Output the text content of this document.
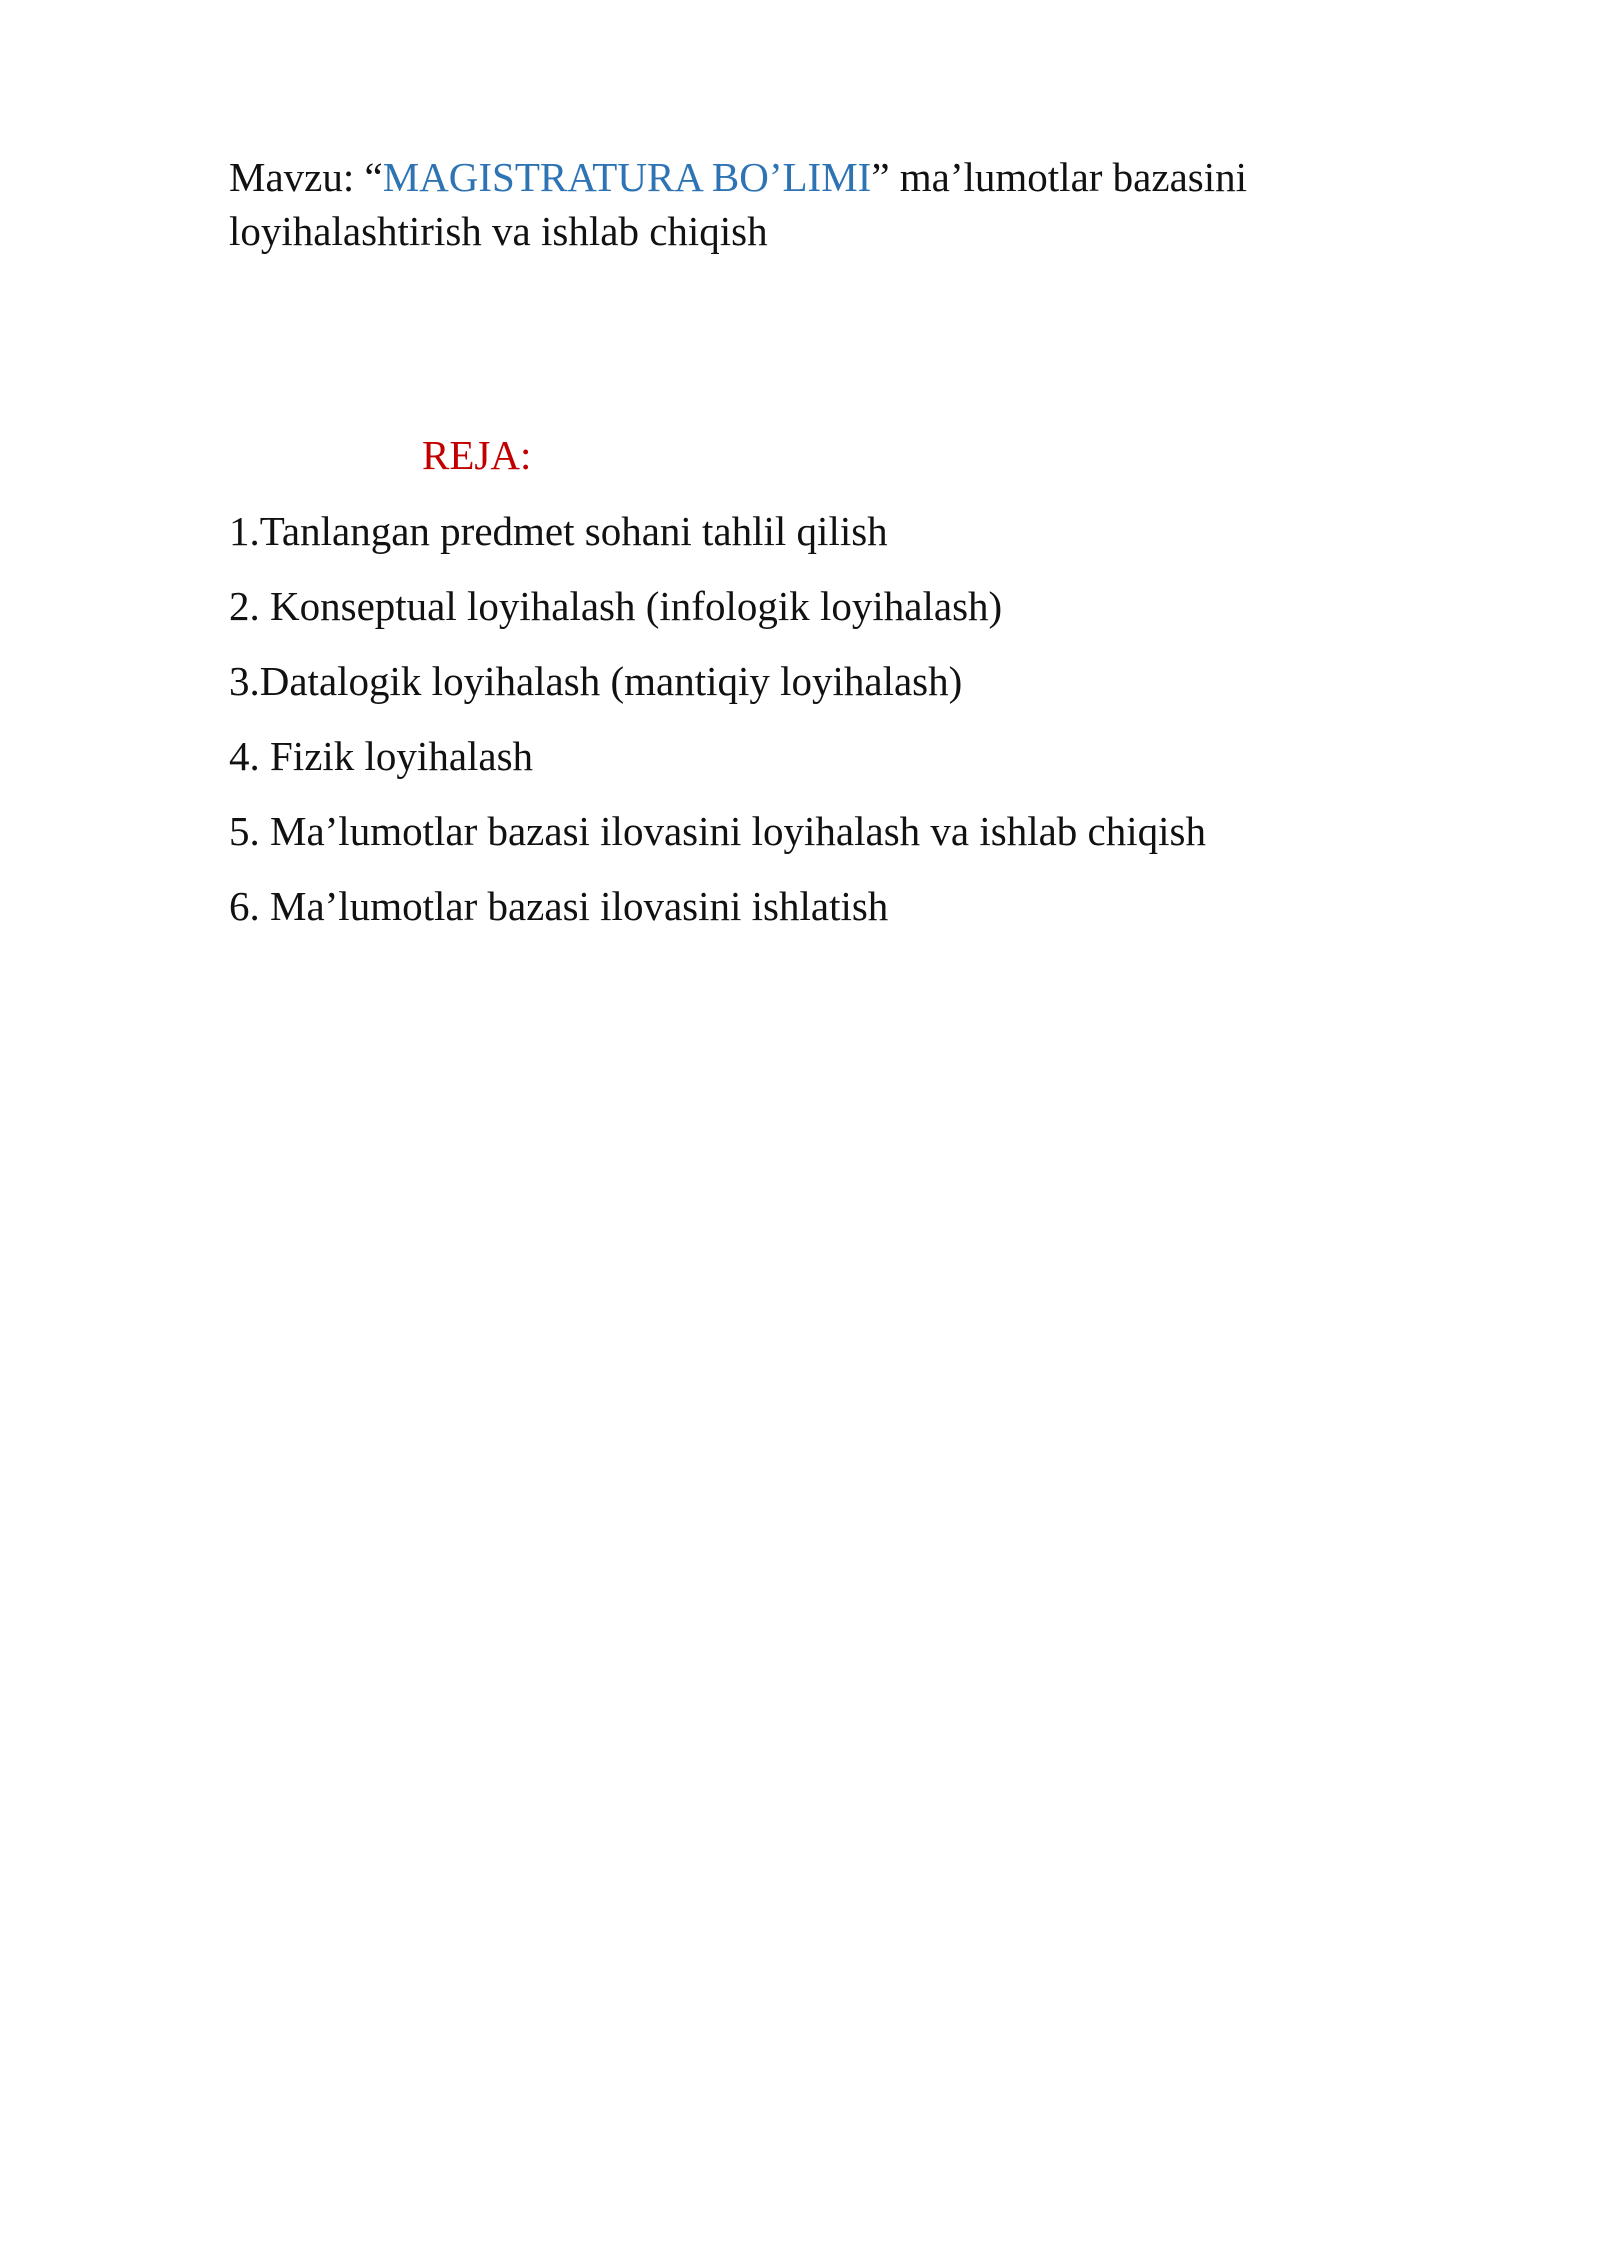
Mavzu: “MAGISTRATURA BO’LIMI” ma’lumotlar bazasini loyihalashtirish va ishlab chiqish

REJA:

1.Tanlangan predmet sohani tahlil qilish
2. Konseptual loyihalash (infologik loyihalash)
3.Datalogik loyihalash (mantiqiy loyihalash)
4. Fizik loyihalash
5. Ma’lumotlar bazasi ilovasini loyihalash va ishlab chiqish
6. Ma’lumotlar bazasi ilovasini ishlatish
